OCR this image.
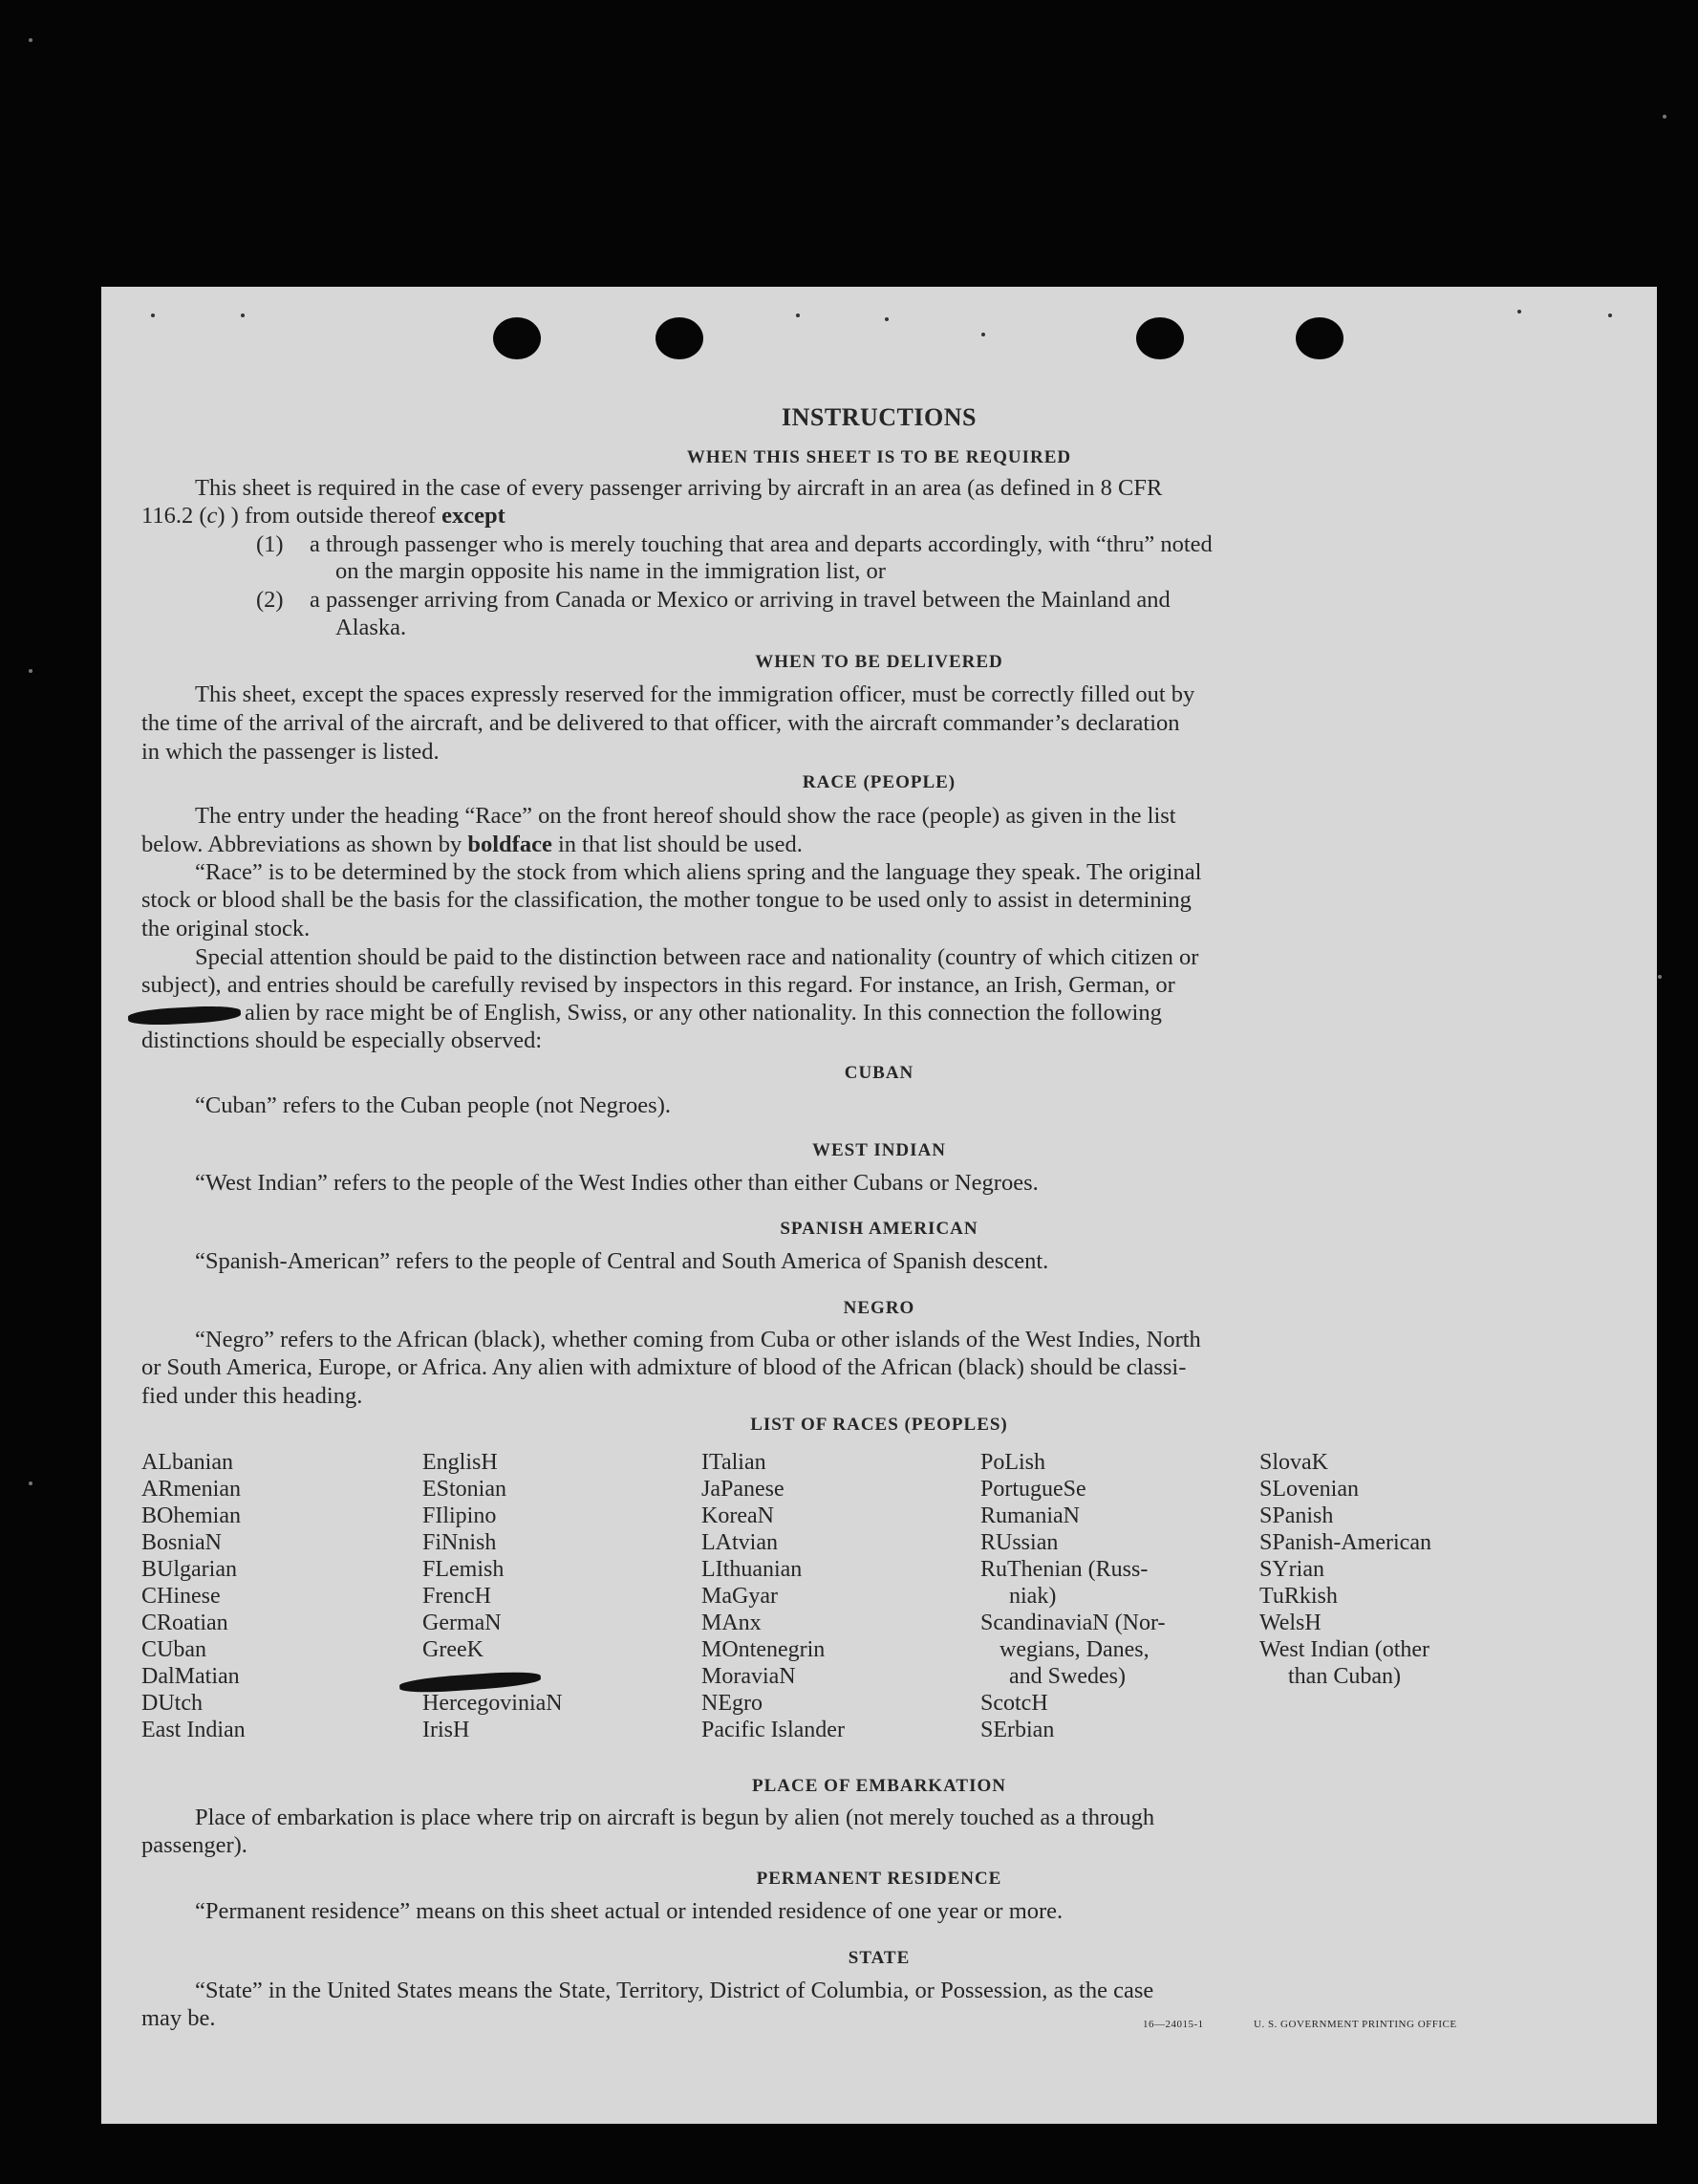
INSTRUCTIONS
WHEN THIS SHEET IS TO BE REQUIRED
This sheet is required in the case of every passenger arriving by aircraft in an area (as defined in 8 CFR
116.2 (c) ) from outside thereof except
(1) a through passenger who is merely touching that area and departs accordingly, with “thru” noted
on the margin opposite his name in the immigration list, or
(2) a passenger arriving from Canada or Mexico or arriving in travel between the Mainland and
Alaska.
WHEN TO BE DELIVERED
This sheet, except the spaces expressly reserved for the immigration officer, must be correctly filled out by
the time of the arrival of the aircraft, and be delivered to that officer, with the aircraft commander’s declaration
in which the passenger is listed.
RACE (PEOPLE)
The entry under the heading “Race” on the front hereof should show the race (people) as given in the list
below. Abbreviations as shown by boldface in that list should be used.
“Race” is to be determined by the stock from which aliens spring and the language they speak. The original
stock or blood shall be the basis for the classification, the mother tongue to be used only to assist in determining
the original stock.
Special attention should be paid to the distinction between race and nationality (country of which citizen or
subject), and entries should be carefully revised by inspectors in this regard. For instance, an Irish, German, or
alien by race might be of English, Swiss, or any other nationality. In this connection the following
distinctions should be especially observed:
CUBAN
“Cuban” refers to the Cuban people (not Negroes).
WEST INDIAN
“West Indian” refers to the people of the West Indies other than either Cubans or Negroes.
SPANISH AMERICAN
“Spanish-American” refers to the people of Central and South America of Spanish descent.
NEGRO
“Negro” refers to the African (black), whether coming from Cuba or other islands of the West Indies, North
or South America, Europe, or Africa. Any alien with admixture of blood of the African (black) should be classi-
fied under this heading.
LIST OF RACES (PEOPLES)
ALbanian
ARmenian
BOhemian
BosniaN
BUlgarian
CHinese
CRoatian
CUban
DalMatian
DUtch
East Indian
EnglisH
EStonian
FIlipino
FiNnish
FLemish
FrencH
GermaN
GreeK
HercegoviniaN
IrisH
ITalian
JaPanese
KoreaN
LAtvian
LIthuanian
MaGyar
MAnx
MOntenegrin
MoraviaN
NEgro
Pacific Islander
PoLish
PortugueSe
RumaniaN
RUssian
RuThenian (Russ-
niak)
ScandinaviaN (Nor-
wegians, Danes,
and Swedes)
ScotcH
SErbian
SlovaK
SLovenian
SPanish
SPanish-American
SYrian
TuRkish
WelsH
West Indian (other
than Cuban)
PLACE OF EMBARKATION
Place of embarkation is place where trip on aircraft is begun by alien (not merely touched as a through
passenger).
PERMANENT RESIDENCE
“Permanent residence” means on this sheet actual or intended residence of one year or more.
STATE
“State” in the United States means the State, Territory, District of Columbia, or Possession, as the case
may be.	16—24015-1	U. S. GOVERNMENT PRINTING OFFICE
